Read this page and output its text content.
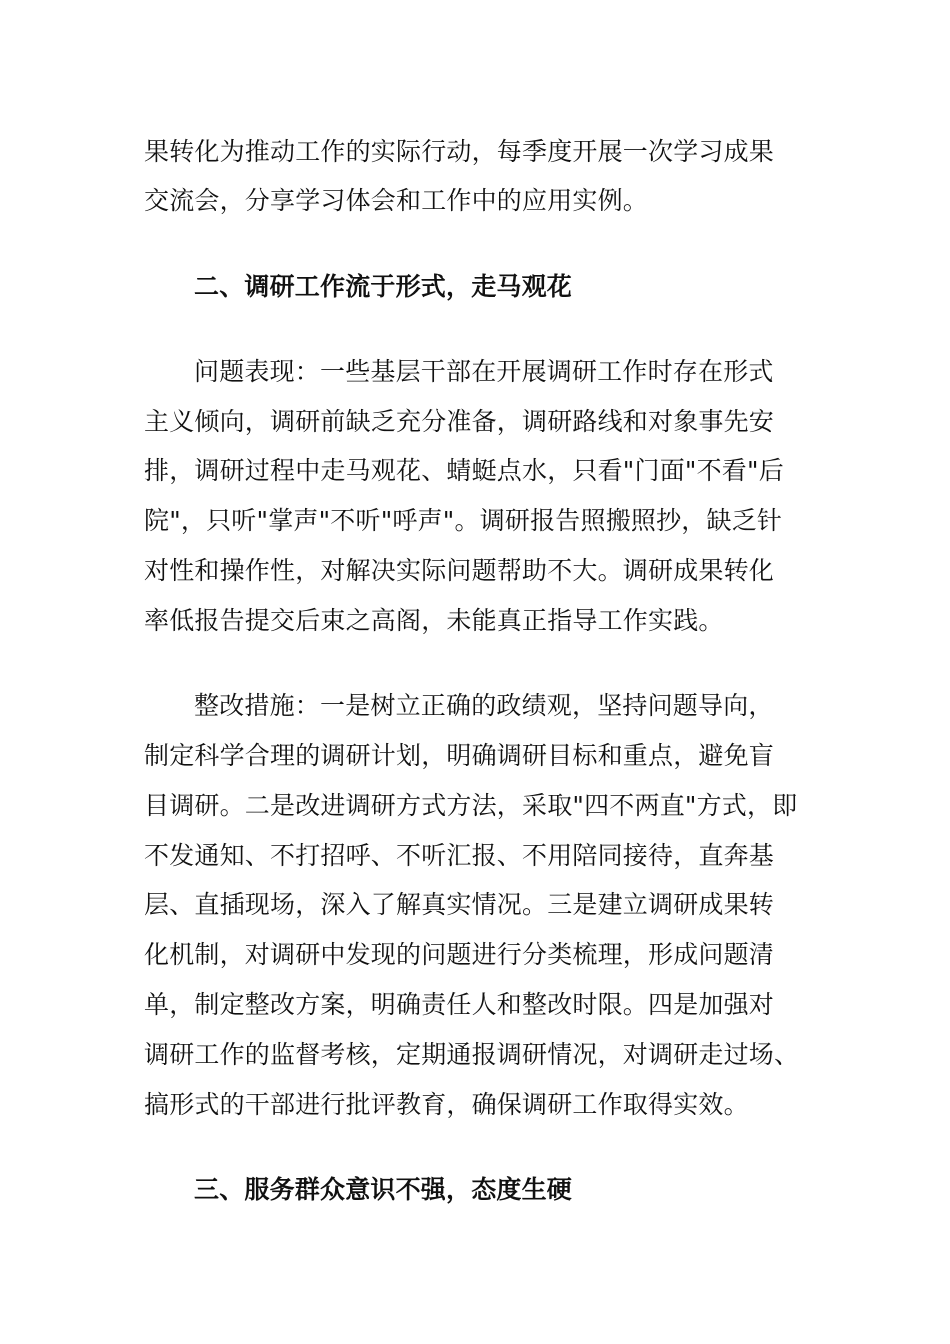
果转化为推动工作的实际行动，每季度开展一次学习成果
交流会，分享学习体会和工作中的应用实例。
二、调研工作流于形式，走马观花
问题表现：一些基层干部在开展调研工作时存在形式
主义倾向，调研前缺乏充分准备，调研路线和对象事先安
排，调研过程中走马观花、蜻蜓点水，只看"门面"不看"后
院"，只听"掌声"不听"呼声"。调研报告照搬照抄，缺乏针
对性和操作性，对解决实际问题帮助不大。调研成果转化
率低报告提交后束之高阁，未能真正指导工作实践。
整改措施：一是树立正确的政绩观，坚持问题导向，
制定科学合理的调研计划，明确调研目标和重点，避免盲
目调研。二是改进调研方式方法，采取"四不两直"方式，即
不发通知、不打招呼、不听汇报、不用陪同接待，直奔基
层、直插现场，深入了解真实情况。三是建立调研成果转
化机制，对调研中发现的问题进行分类梳理，形成问题清
单，制定整改方案，明确责任人和整改时限。四是加强对
调研工作的监督考核，定期通报调研情况，对调研走过场、
搞形式的干部进行批评教育，确保调研工作取得实效。
三、服务群众意识不强，态度生硬
